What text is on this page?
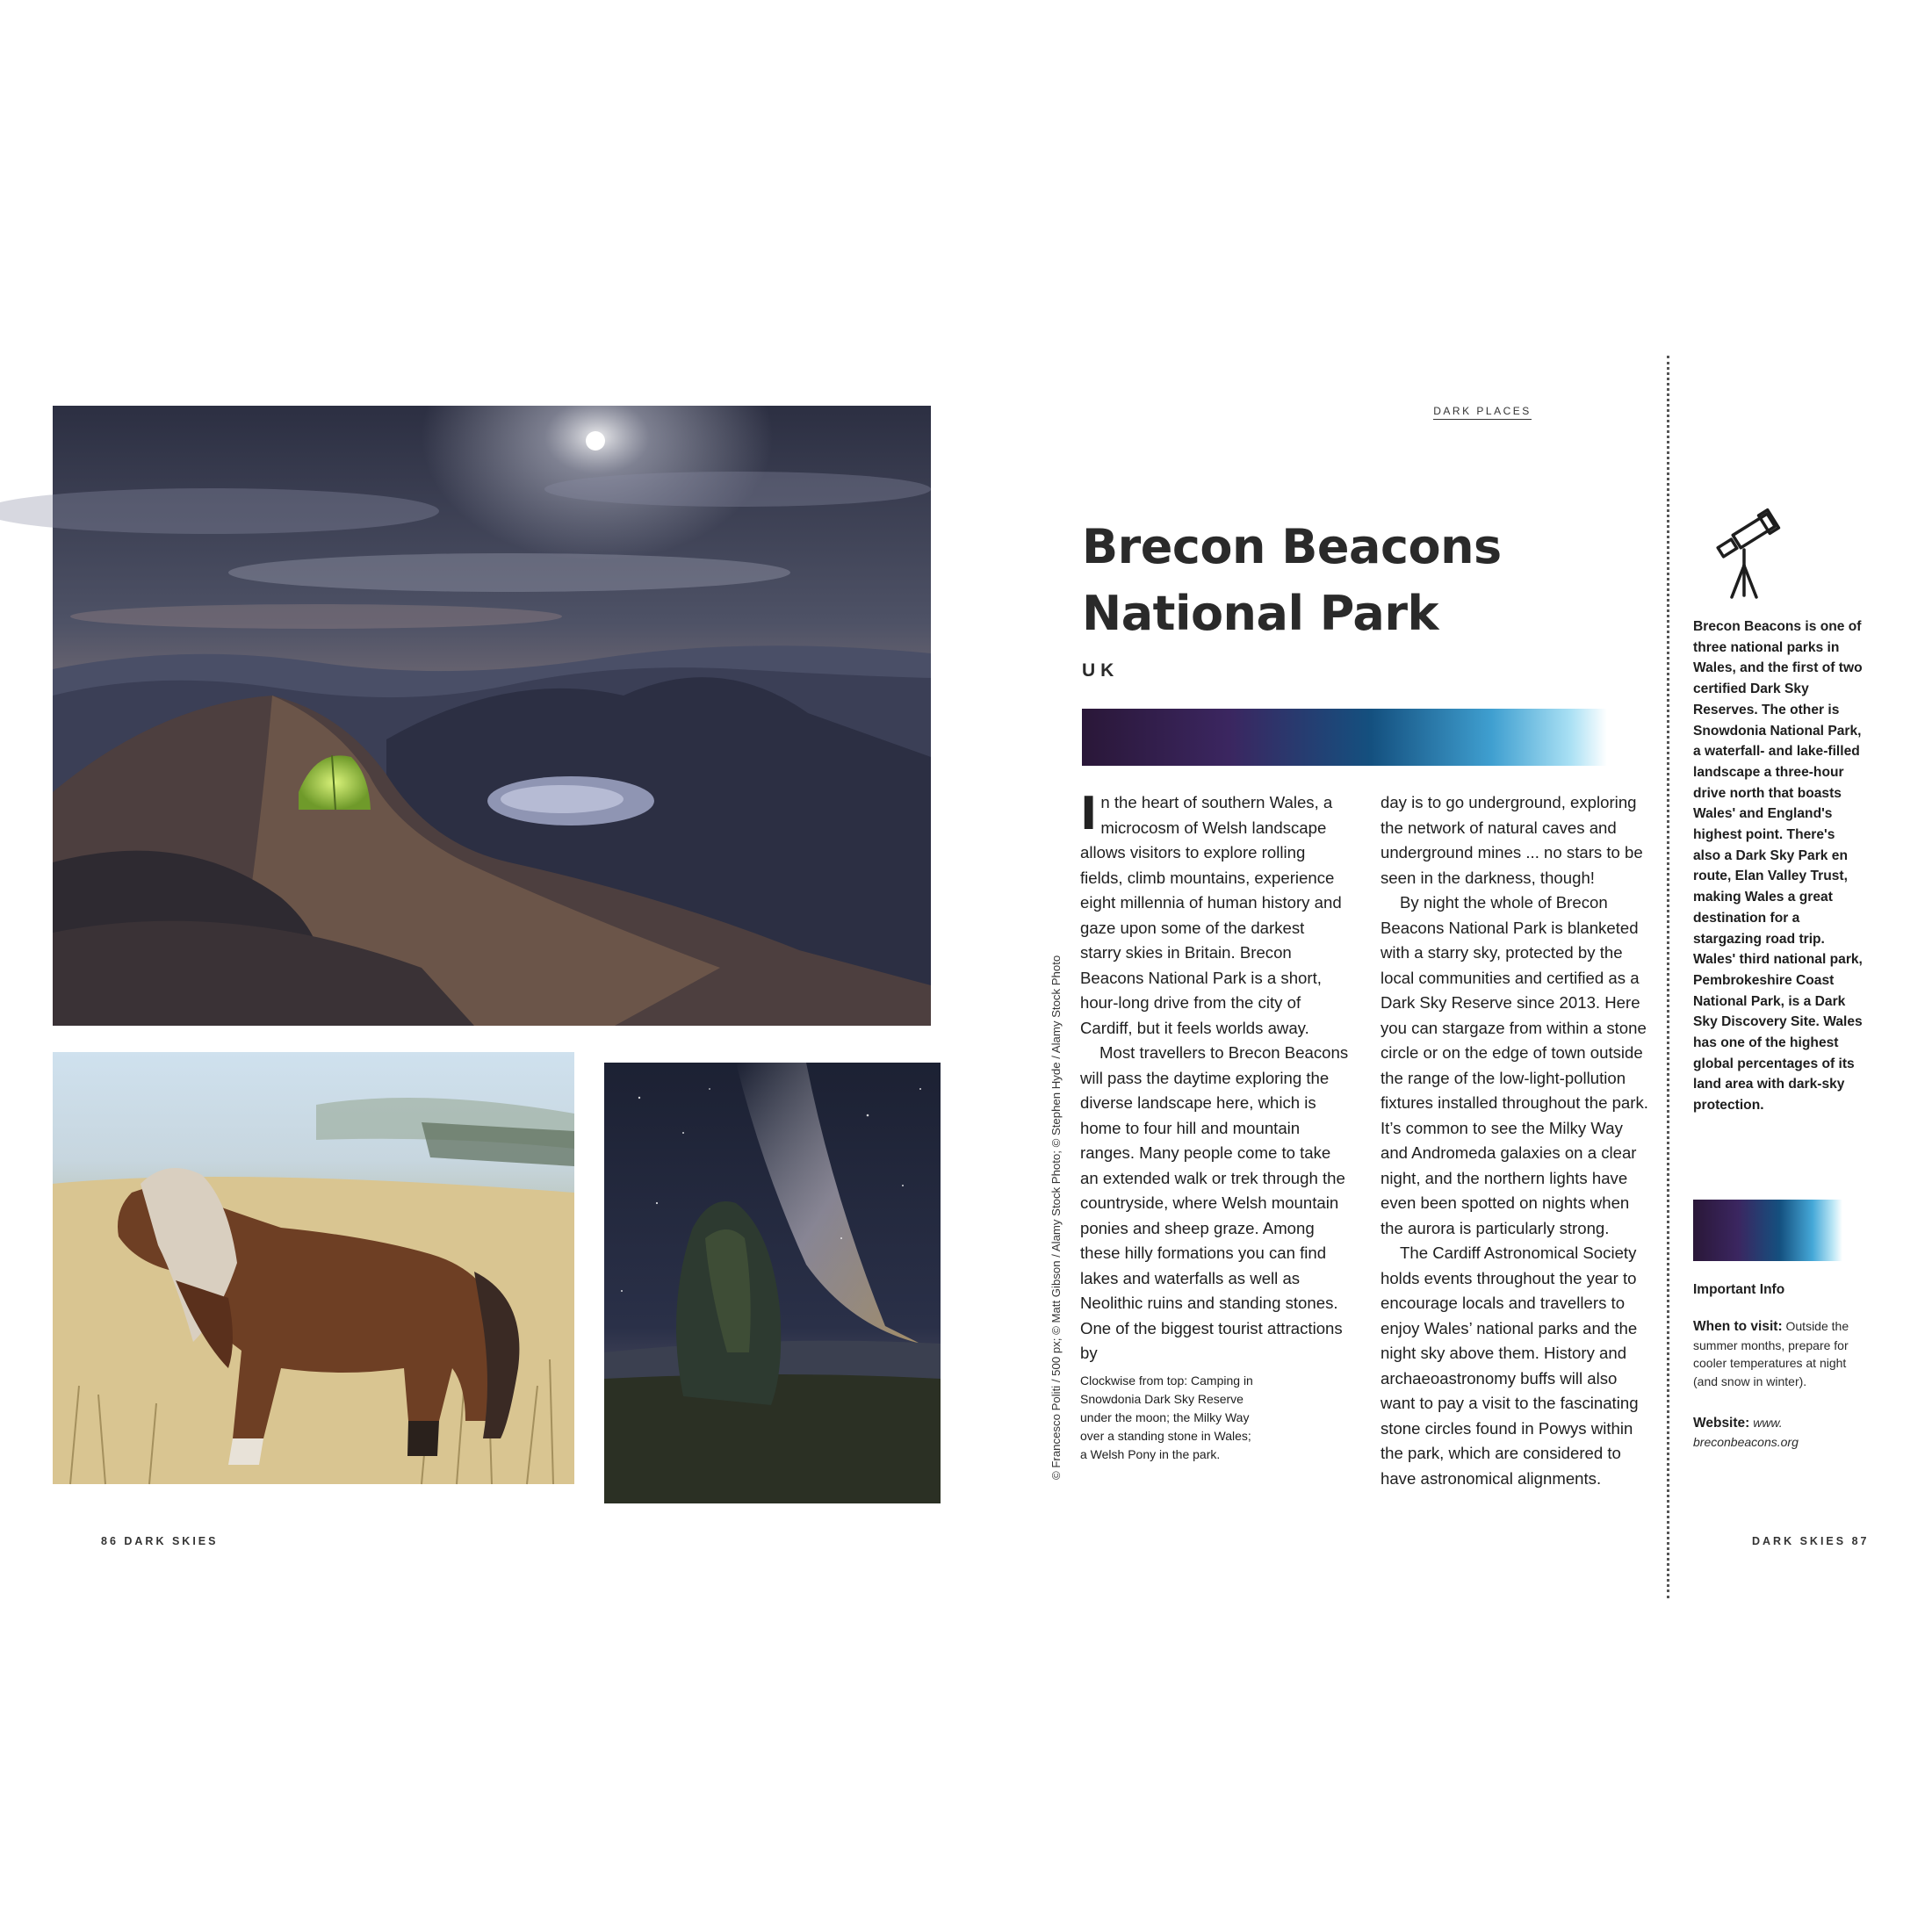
DARK PLACES
Brecon Beacons
National Park
UK

In the heart of southern Wales, a microcosm of Welsh landscape allows visitors to explore rolling fields, climb mountains, experience eight millennia of human history and gaze upon some of the darkest starry skies in Britain. Brecon Beacons National Park is a short, hour-long drive from the city of Cardiff, but it feels worlds away.

Most travellers to Brecon Beacons will pass the daytime exploring the diverse landscape here, which is home to four hill and mountain ranges. Many people come to take an extended walk or trek through the countryside, where Welsh mountain ponies and sheep graze. Among these hilly formations you can find lakes and waterfalls as well as Neolithic ruins and standing stones. One of the biggest tourist attractions by

day is to go underground, exploring the network of natural caves and underground mines ... no stars to be seen in the darkness, though!

By night the whole of Brecon Beacons National Park is blanketed with a starry sky, protected by the local communities and certified as a Dark Sky Reserve since 2013. Here you can stargaze from within a stone circle or on the edge of town outside the range of the low-light-pollution fixtures installed throughout the park. It’s common to see the Milky Way and Andromeda galaxies on a clear night, and the northern lights have even been spotted on nights when the aurora is particularly strong.

The Cardiff Astronomical Society holds events throughout the year to encourage locals and travellers to enjoy Wales’ national parks and the night sky above them. History and archaeoastronomy buffs will also want to pay a visit to the fascinating stone circles found in Powys within the park, which are considered to have astronomical alignments.

Clockwise from top: Camping in Snowdonia Dark Sky Reserve under the moon; the Milky Way over a standing stone in Wales; a Welsh Pony in the park.
© Francesco Politi / 500 px; © Matt Gibson / Alamy Stock Photo; © Stephen Hyde / Alamy Stock Photo
Brecon Beacons is one of three national parks in Wales, and the first of two certified Dark Sky Reserves. The other is Snowdonia National Park, a waterfall- and lake-filled landscape a three-hour drive north that boasts Wales' and England's highest point. There's also a Dark Sky Park en route, Elan Valley Trust, making Wales a great destination for a stargazing road trip. Wales' third national park, Pembrokeshire Coast National Park, is a Dark Sky Discovery Site. Wales has one of the highest global percentages of its land area with dark-sky protection.
Important Info
When to visit: Outside the summer months, prepare for cooler temperatures at night (and snow in winter).
Website: www. breconbeacons.org
86 DARK SKIES	DARK SKIES 87
